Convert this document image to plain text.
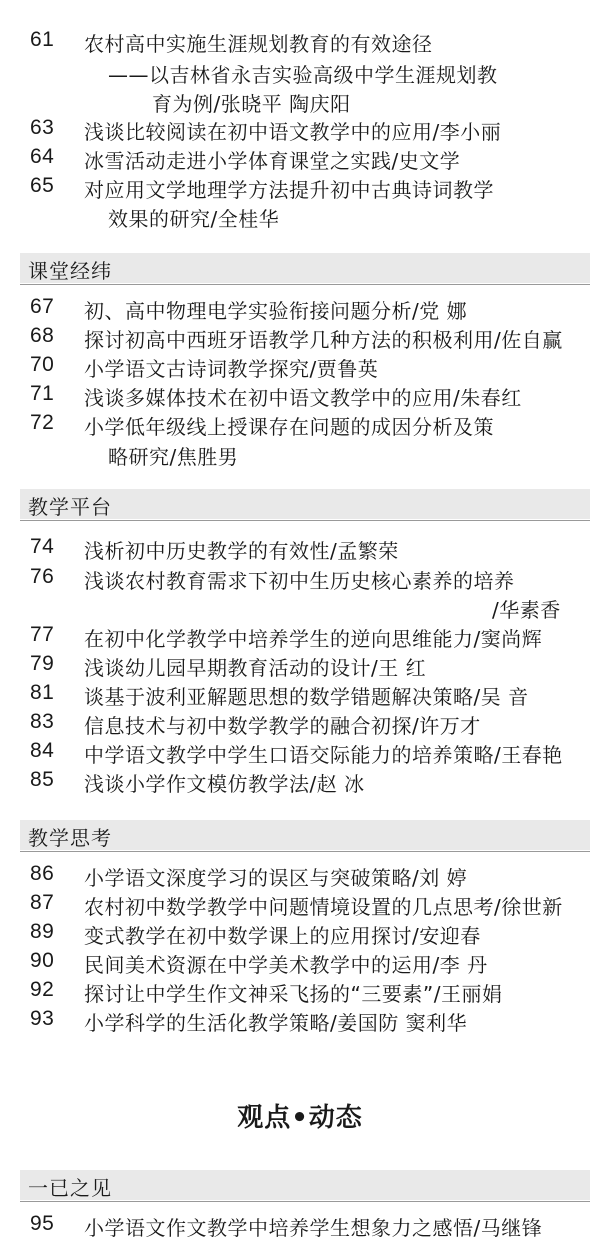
61 农村高中实施生涯规划教育的有效途径
——以吉林省永吉实验高级中学生涯规划教
育为例/张晓平 陶庆阳
63 浅谈比较阅读在初中语文教学中的应用/李小丽
64 冰雪活动走进小学体育课堂之实践/史文学
65 对应用文学地理学方法提升初中古典诗词教学
效果的研究/全桂华
课堂经纬
67 初、高中物理电学实验衔接问题分析/党 娜
68 探讨初高中西班牙语教学几种方法的积极利用/佐自赢
70 小学语文古诗词教学探究/贾鲁英
71 浅谈多媒体技术在初中语文教学中的应用/朱春红
72 小学低年级线上授课存在问题的成因分析及策
略研究/焦胜男
教学平台
74 浅析初中历史教学的有效性/孟繁荣
76 浅谈农村教育需求下初中生历史核心素养的培养
/华素香
77 在初中化学教学中培养学生的逆向思维能力/窦尚辉
79 浅谈幼儿园早期教育活动的设计/王 红
81 谈基于波利亚解题思想的数学错题解决策略/吴 音
83 信息技术与初中数学教学的融合初探/许万才
84 中学语文教学中学生口语交际能力的培养策略/王春艳
85 浅谈小学作文模仿教学法/赵 冰
教学思考
86 小学语文深度学习的误区与突破策略/刘 婷
87 农村初中数学教学中问题情境设置的几点思考/徐世新
89 变式教学在初中数学课上的应用探讨/安迎春
90 民间美术资源在中学美术教学中的运用/李 丹
92 探讨让中学生作文神采飞扬的“三要素”/王丽娟
93 小学科学的生活化教学策略/姜国防 窦利华
观点•动态
一已之见
95 小学语文作文教学中培养学生想象力之感悟/马继锋
